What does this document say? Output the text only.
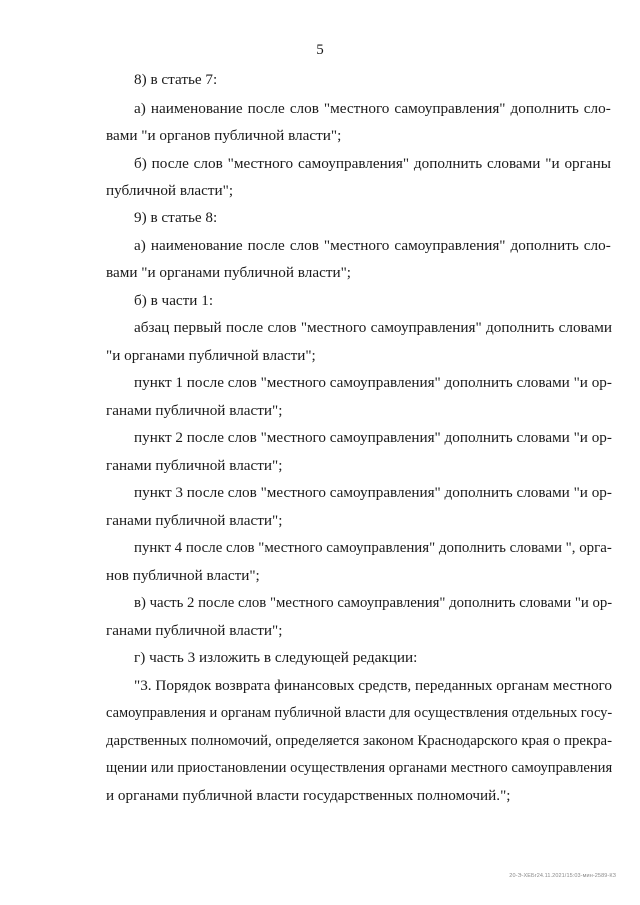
5
8) в статье 7:
а) наименование после слов "местного самоуправления" дополнить сло-
вами "и органов публичной власти";
б) после слов "местного самоуправления" дополнить словами "и органы
публичной власти";
9) в статье 8:
а) наименование после слов "местного самоуправления" дополнить сло-
вами "и органами публичной власти";
б) в части 1:
абзац первый после слов "местного самоуправления" дополнить словами
"и органами публичной власти";
пункт 1 после слов "местного самоуправления" дополнить словами "и ор-
ганами публичной власти";
пункт 2 после слов "местного самоуправления" дополнить словами "и ор-
ганами публичной власти";
пункт 3 после слов "местного самоуправления" дополнить словами "и ор-
ганами публичной власти";
пункт 4 после слов "местного самоуправления" дополнить словами ", орга-
нов публичной власти";
в) часть 2 после слов "местного самоуправления" дополнить словами "и ор-
ганами публичной власти";
г) часть 3 изложить в следующей редакции:
"3. Порядок возврата финансовых средств, переданных органам местного
самоуправления и органам публичной власти для осуществления отдельных госу-
дарственных полномочий, определяется законом Краснодарского края о прекра-
щении или приостановлении осуществления органами местного самоуправления
и органами публичной власти государственных полномочий.";
20-Э-ХЕБr24.11.2021/15:03-мин-2589-КЗ
